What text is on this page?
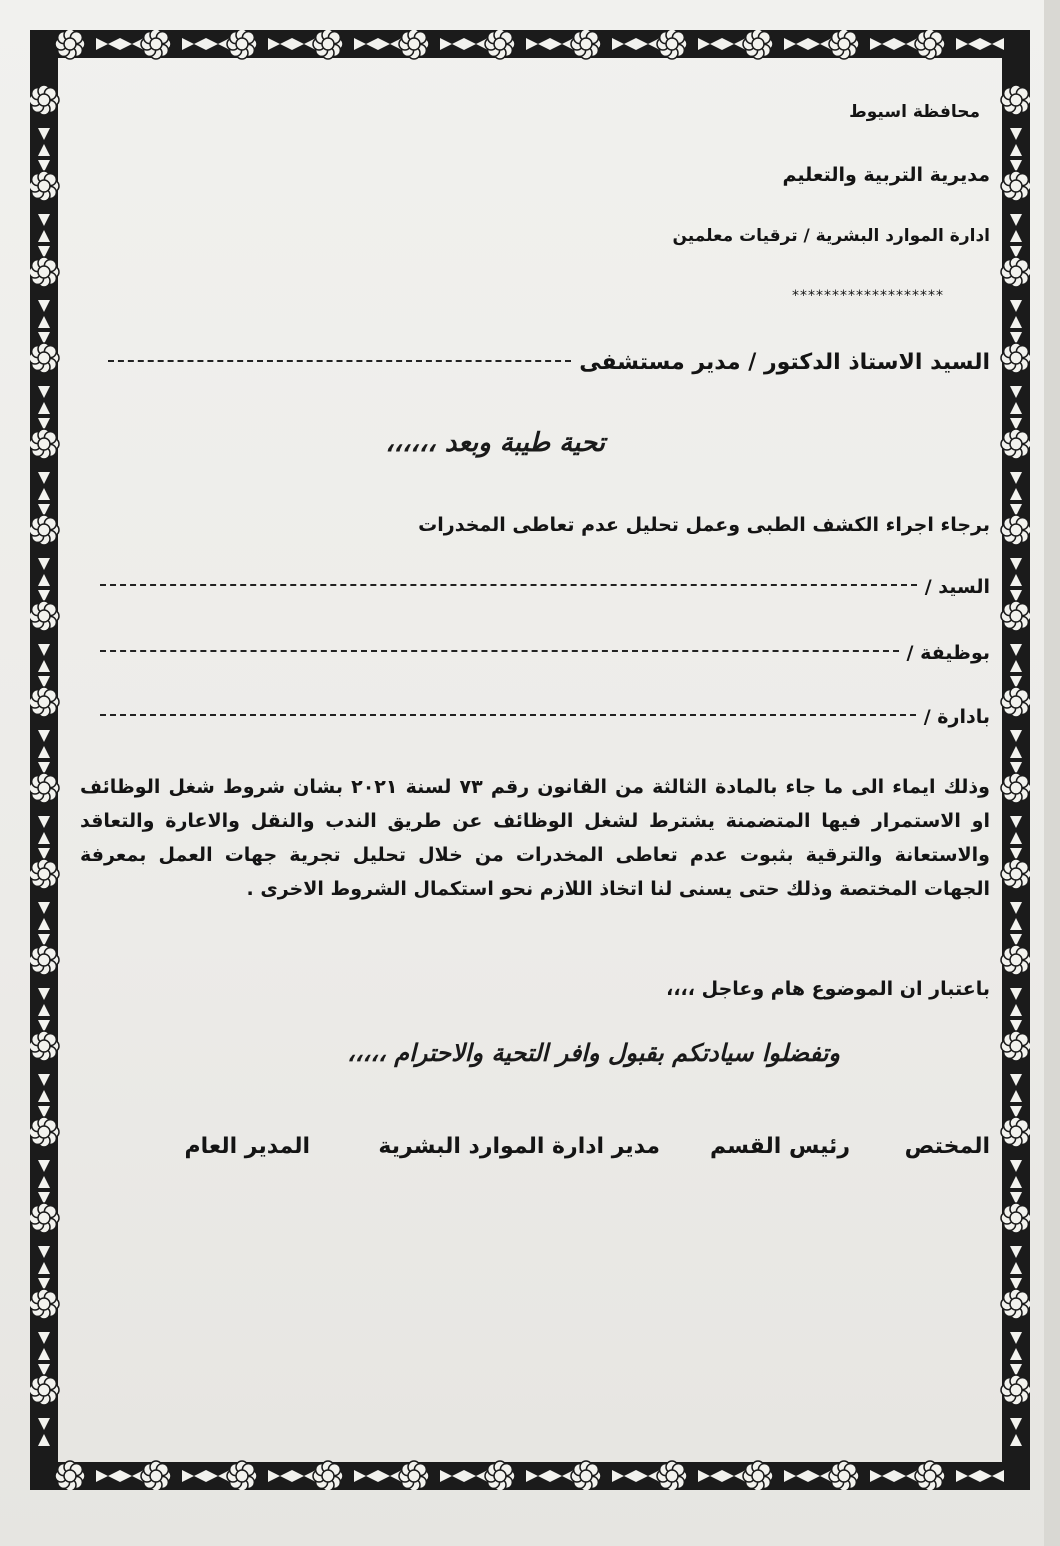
محافظة اسيوط
مديرية التربية والتعليم
ادارة الموارد البشرية / ترقيات معلمين
*******************
السيد الاستاذ الدكتور / مدير مستشفى
تحية طيبة وبعد ،،،،،،
برجاء اجراء الكشف الطبى وعمل تحليل عدم تعاطى المخدرات
السيد /
بوظيفة /
بادارة /
وذلك ايماء الى ما جاء بالمادة الثالثة من القانون رقم ٧٣ لسنة ٢٠٢١ بشان شروط شغل الوظائف او الاستمرار فيها المتضمنة يشترط لشغل الوظائف عن طريق الندب والنقل والاعارة والتعاقد والاستعانة والترقية بثبوت عدم تعاطى المخدرات من خلال تحليل تجرية جهات العمل بمعرفة الجهات المختصة وذلك حتى يسنى لنا اتخاذ اللازم نحو استكمال الشروط الاخرى .
باعتبار ان الموضوع هام وعاجل ،،،،
وتفضلوا سيادتكم بقبول وافر التحية والاحترام ،،،،،
المختص
رئيس القسم
مدير ادارة الموارد البشرية
المدير العام
